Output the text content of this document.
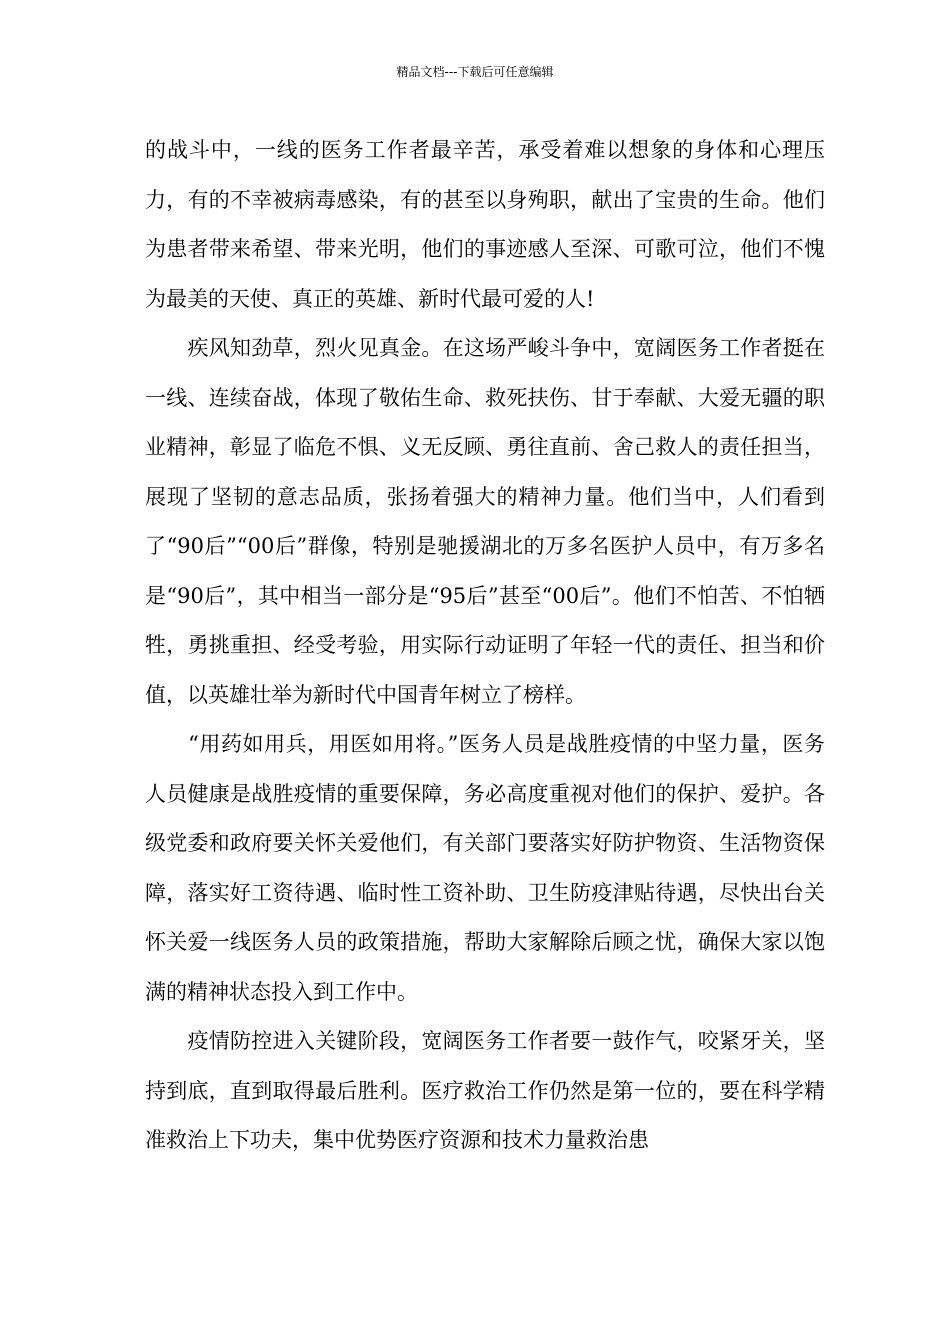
精品文档---下载后可任意编辑

的战斗中，一线的医务工作者最辛苦，承受着难以想象的身体和心理压力，有的不幸被病毒感染，有的甚至以身殉职，献出了宝贵的生命。他们为患者带来希望、带来光明，他们的事迹感人至深、可歌可泣，他们不愧为最美的天使、真正的英雄、新时代最可爱的人!

　　疾风知劲草，烈火见真金。在这场严峻斗争中，宽阔医务工作者挺在一线、连续奋战，体现了敬佑生命、救死扶伤、甘于奉献、大爱无疆的职业精神，彰显了临危不惧、义无反顾、勇往直前、舍己救人的责任担当，展现了坚韧的意志品质，张扬着强大的精神力量。他们当中，人们看到了“90后”“00后”群像，特别是驰援湖北的万多名医护人员中，有万多名是“90后”，其中相当一部分是“95后”甚至“00后”。他们不怕苦、不怕牺牲，勇挑重担、经受考验，用实际行动证明了年轻一代的责任、担当和价值，以英雄壮举为新时代中国青年树立了榜样。

　　“用药如用兵，用医如用将。”医务人员是战胜疫情的中坚力量，医务人员健康是战胜疫情的重要保障，务必高度重视对他们的保护、爱护。各级党委和政府要关怀关爱他们，有关部门要落实好防护物资、生活物资保障，落实好工资待遇、临时性工资补助、卫生防疫津贴待遇，尽快出台关怀关爱一线医务人员的政策措施，帮助大家解除后顾之忧，确保大家以饱满的精神状态投入到工作中。

　　疫情防控进入关键阶段，宽阔医务工作者要一鼓作气，咬紧牙关，坚持到底，直到取得最后胜利。医疗救治工作仍然是第一位的，要在科学精准救治上下功夫，集中优势医疗资源和技术力量救治患
